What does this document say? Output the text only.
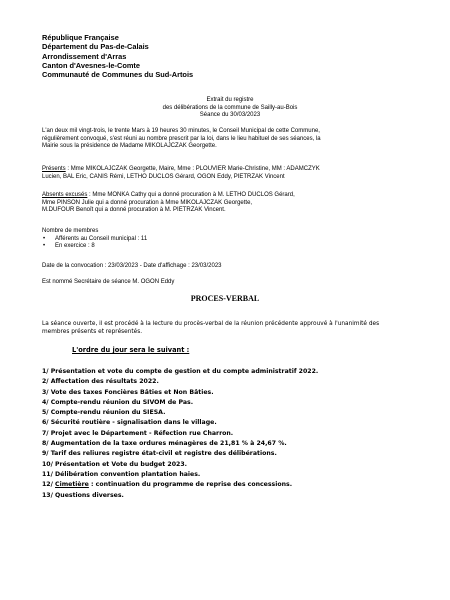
République Française
Département du Pas-de-Calais
Arrondissement d'Arras
Canton d'Avesnes-le-Comte
Communauté de Communes du Sud-Artois
Extrait du registre
des délibérations de la commune de Sailly-au-Bois
Séance du 30/03/2023
L'an deux mil vingt-trois, le trente Mars à 19 heures 30 minutes, le Conseil Municipal de cette Commune,
régulièrement convoqué, s'est réuni au nombre prescrit par la loi, dans le lieu habituel de ses séances, la
Mairie sous la présidence de Madame MIKOLAJCZAK Georgette.
Présents : Mme MIKOLAJCZAK Georgette, Maire, Mme : PLOUVIER Marie-Christine, MM : ADAMCZYK
Lucien, BAL Eric, CANIS Rémi, LETHO DUCLOS Gérard, OGON Eddy, PIETRZAK Vincent
Absents excusés : Mme MONKA Cathy qui a donné procuration à M. LETHO DUCLOS Gérard,
Mme PINSON Julie qui a donné procuration à Mme MIKOLAJCZAK Georgette,
M.DUFOUR Benoît qui a donné procuration à M. PIETRZAK Vincent.
Nombre de membres
• Afférents au Conseil municipal : 11
• En exercice : 8
Date de la convocation : 23/03/2023 - Date d'affichage : 23/03/2023
Est nommé Secrétaire de séance M. OGON Eddy
PROCES-VERBAL
La séance ouverte, il est procédé à la lecture du procès-verbal de la réunion précédente approuvé à l'unanimité des
membres présents et représentés.
L'ordre du jour sera le suivant :
1/ Présentation et vote du compte de gestion et du compte administratif 2022.
2/ Affectation des résultats 2022.
3/ Vote des taxes Foncières Bâties et Non Bâties.
4/ Compte-rendu réunion du SIVOM de Pas.
5/ Compte-rendu réunion du SIESA.
6/ Sécurité routière - signalisation dans le village.
7/ Projet avec le Département - Réfection rue Charron.
8/ Augmentation de la taxe ordures ménagères de 21,81 % à 24,67 %.
9/ Tarif des reliures registre état-civil et registre des délibérations.
10/ Présentation et Vote du budget 2023.
11/ Délibération convention plantation haies.
12/ Cimetière : continuation du programme de reprise des concessions.
13/ Questions diverses.
